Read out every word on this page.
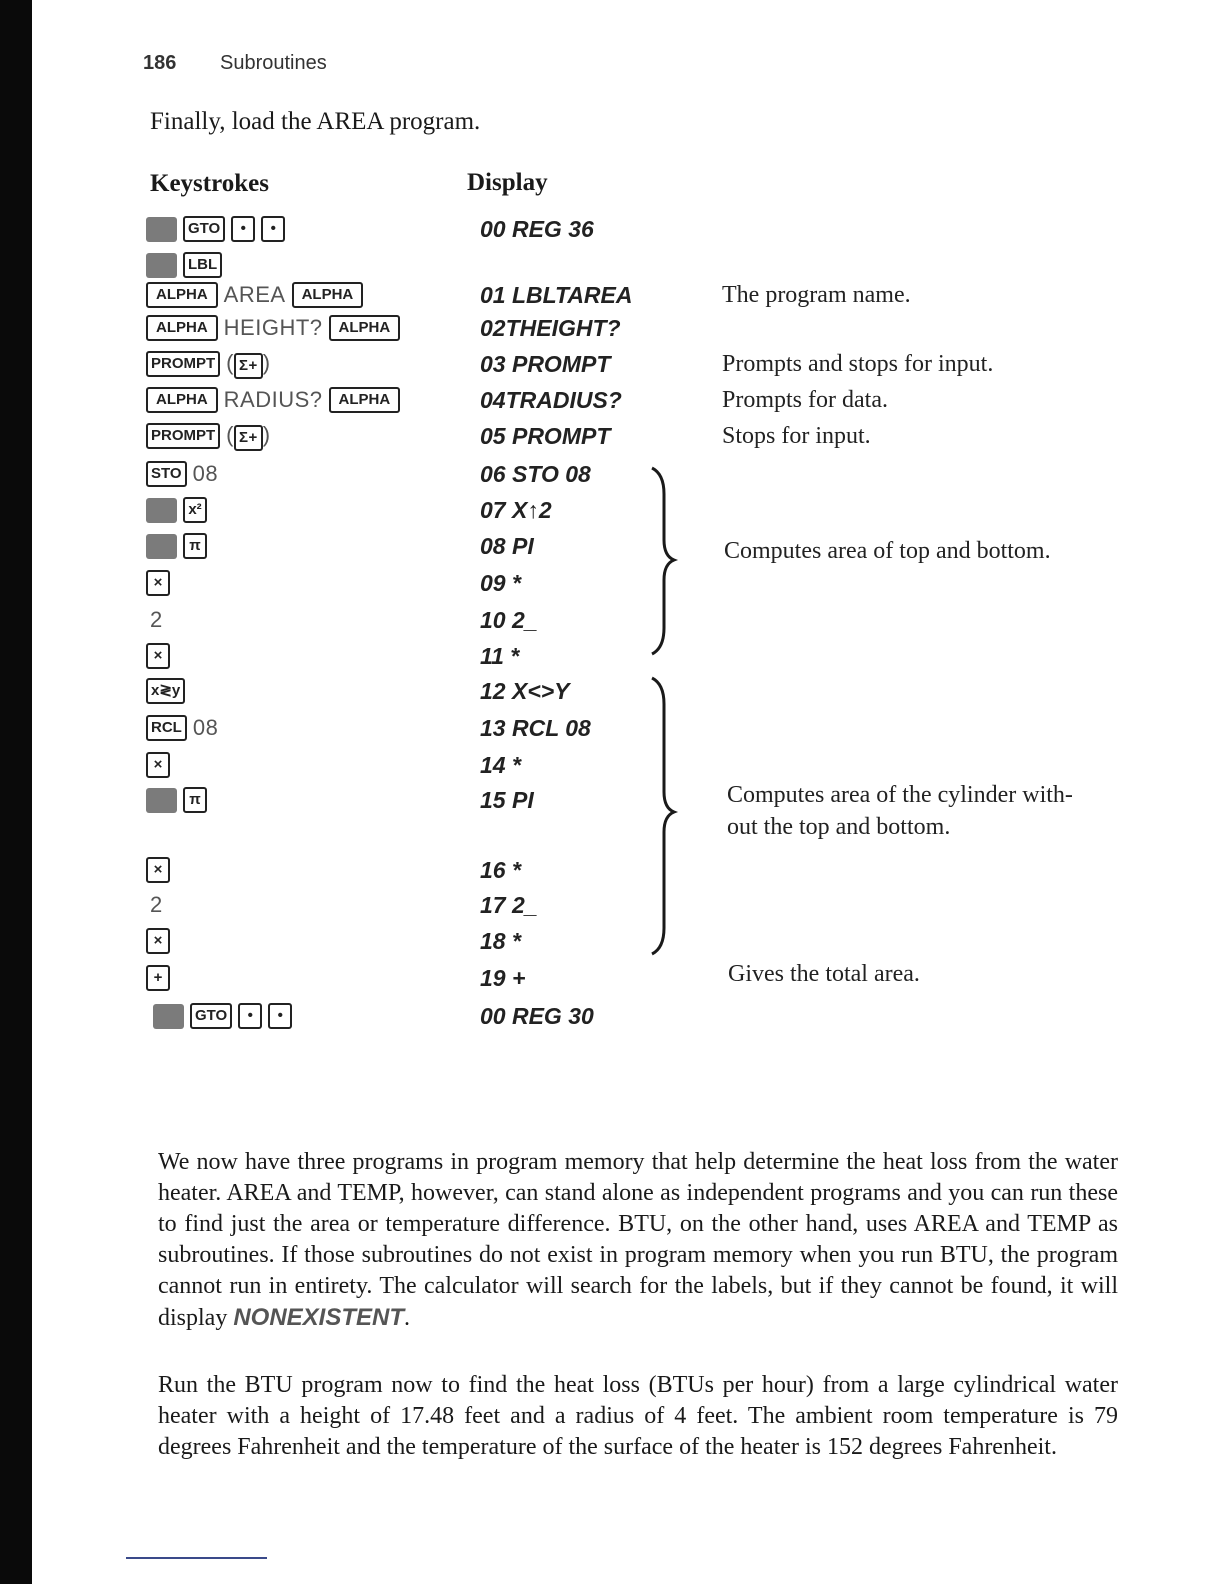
186 Subroutines
Finally, load the AREA program.
Keystrokes	Display
GTO	•	•	00 REG 36
LBL
ALPHA AREA	ALPHA	01 LBLTAREA	The program name.
ALPHA HEIGHT?	ALPHA	02THEIGHT?
PROMPT ( Σ+ )	03 PROMPT	Prompts and stops for input.
ALPHA RADIUS?	ALPHA	04TRADIUS?	Prompts for data.
PROMPT ( Σ+ )	05 PROMPT	Stops for input.
STO 08	06 STO 08
x²	07 X↑2
π	08 PI
×	09 *
2	10 2_
×	11 *
x≷y	12 X<>Y
RCL 08	13 RCL 08
×	14 *
π	15 PI
×	16 *
2	17 2_
×	18 *
+	19 +
GTO	•	•	00 REG 30
Computes area of top and bottom.
Computes area of the cylinder with-
out the top and bottom.
Gives the total area.
We now have three programs in program memory that help determine the heat loss from the water heater. AREA and TEMP, however, can stand alone as independent programs and you can run these to find just the area or temperature difference. BTU, on the other hand, uses AREA and TEMP as subroutines. If those subroutines do not exist in program memory when you run BTU, the program cannot run in entirety. The calculator will search for the labels, but if they cannot be found, it will display NONEXISTENT.
Run the BTU program now to find the heat loss (BTUs per hour) from a large cylindrical water heater with a height of 17.48 feet and a radius of 4 feet. The ambient room temperature is 79 degrees Fahrenheit and the temperature of the surface of the heater is 152 degrees Fahrenheit.
